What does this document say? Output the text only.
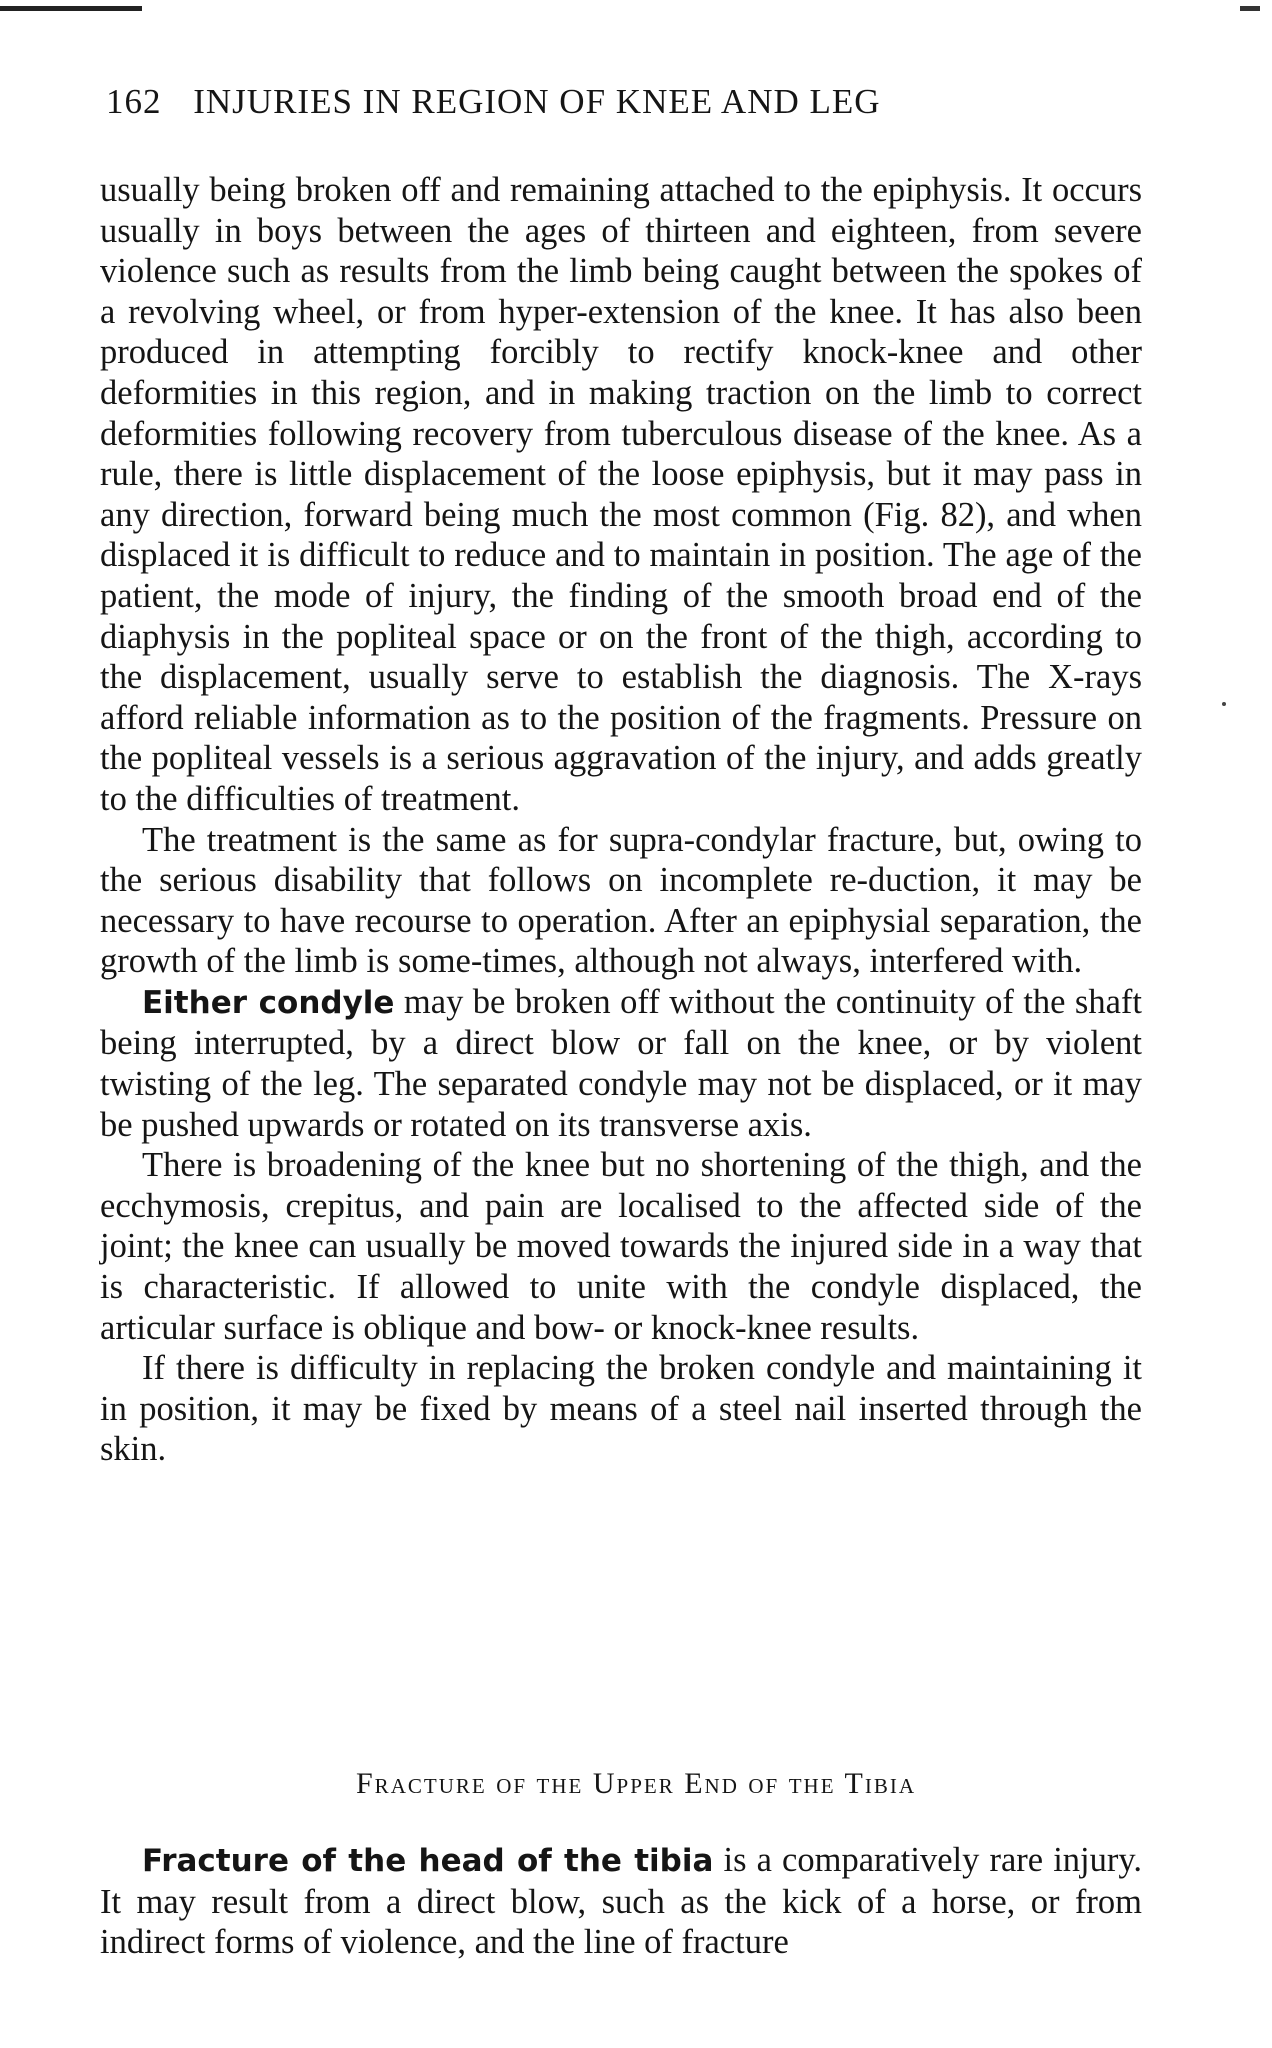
162 INJURIES IN REGION OF KNEE AND LEG

usually being broken off and remaining attached to the epiphysis. It occurs usually in boys between the ages of thirteen and eighteen, from severe violence such as results from the limb being caught between the spokes of a revolving wheel, or from hyper-extension of the knee. It has also been produced in attempting forcibly to rectify knock-knee and other deformities in this region, and in making traction on the limb to correct deformities following recovery from tuberculous disease of the knee. As a rule, there is little displacement of the loose epiphysis, but it may pass in any direction, forward being much the most common (Fig. 82), and when displaced it is difficult to reduce and to maintain in position. The age of the patient, the mode of injury, the finding of the smooth broad end of the diaphysis in the popliteal space or on the front of the thigh, according to the displacement, usually serve to establish the diagnosis. The X-rays afford reliable information as to the position of the fragments. Pressure on the popliteal vessels is a serious aggravation of the injury, and adds greatly to the difficulties of treatment.

The treatment is the same as for supra-condylar fracture, but, owing to the serious disability that follows on incomplete re-duction, it may be necessary to have recourse to operation. After an epiphysial separation, the growth of the limb is some-times, although not always, interfered with.

Either condyle may be broken off without the continuity of the shaft being interrupted, by a direct blow or fall on the knee, or by violent twisting of the leg. The separated condyle may not be displaced, or it may be pushed upwards or rotated on its transverse axis.

There is broadening of the knee but no shortening of the thigh, and the ecchymosis, crepitus, and pain are localised to the affected side of the joint; the knee can usually be moved towards the injured side in a way that is characteristic. If allowed to unite with the condyle displaced, the articular surface is oblique and bow- or knock-knee results.

If there is difficulty in replacing the broken condyle and maintaining it in position, it may be fixed by means of a steel nail inserted through the skin.

Fracture of the Upper End of the Tibia

Fracture of the head of the tibia is a comparatively rare injury. It may result from a direct blow, such as the kick of a horse, or from indirect forms of violence, and the line of fracture
